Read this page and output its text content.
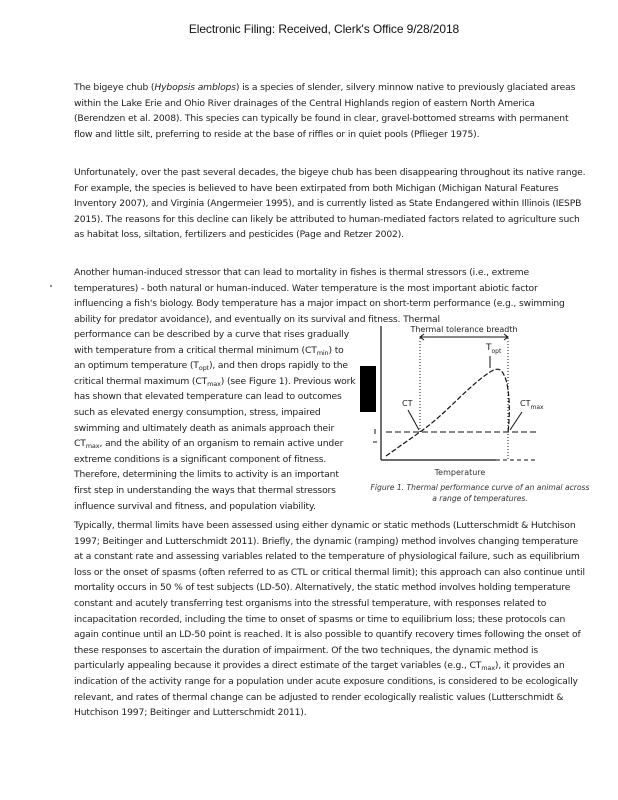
Electronic Filing: Received, Clerk's Office 9/28/2018

The bigeye chub (Hybopsis amblops) is a species of slender, silvery minnow native to previously glaciated areas within the Lake Erie and Ohio River drainages of the Central Highlands region of eastern North America (Berendzen et al. 2008). This species can typically be found in clear, gravel-bottomed streams with permanent flow and little silt, preferring to reside at the base of riffles or in quiet pools (Pflieger 1975).

Unfortunately, over the past several decades, the bigeye chub has been disappearing throughout its native range. For example, the species is believed to have been extirpated from both Michigan (Michigan Natural Features Inventory 2007), and Virginia (Angermeier 1995), and is currently listed as State Endangered within Illinois (IESPB 2015). The reasons for this decline can likely be attributed to human-mediated factors related to agriculture such as habitat loss, siltation, fertilizers and pesticides (Page and Retzer 2002).

Another human-induced stressor that can lead to mortality in fishes is thermal stressors (i.e., extreme temperatures) - both natural or human-induced. Water temperature is the most important abiotic factor influencing a fish's biology. Body temperature has a major impact on short-term performance (e.g., swimming ability for predator avoidance), and eventually on its survival and fitness. Thermal

performance can be described by a curve that rises gradually with temperature from a critical thermal minimum $(CT_{min})$ to an optimum temperature $(T_{opt})$, and then drops rapidly to the critical thermal maximum $(CT_{max})$ (see Figure 1). Previous work has shown that elevated temperature can lead to outcomes such as elevated energy consumption, stress, impaired swimming and ultimately death as animals approach their $CT_{max}$, and the ability of an organism to remain active under extreme conditions is a significant component of fitness. Therefore, determining the limits to activity is an important first step in understanding the ways that thermal stressors influence survival and fitness, and population viability.

Thermal tolerance breadth
$T_{opt}$
CT	$CT_{max}$
Temperature
Figure 1. Thermal performance curve of an animal across a range of temperatures.

Typically, thermal limits have been assessed using either dynamic or static methods (Lutterschmidt & Hutchison 1997; Beitinger and Lutterschmidt 2011). Briefly, the dynamic (ramping) method involves changing temperature at a constant rate and assessing variables related to the temperature of physiological failure, such as equilibrium loss or the onset of spasms (often referred to as CTL or critical thermal limit); this approach can also continue until mortality occurs in 50 % of test subjects (LD-50). Alternatively, the static method involves holding temperature constant and acutely transferring test organisms into the stressful temperature, with responses related to incapacitation recorded, including the time to onset of spasms or time to equilibrium loss; these protocols can again continue until an LD-50 point is reached. It is also possible to quantify recovery times following the onset of these responses to ascertain the duration of impairment. Of the two techniques, the dynamic method is particularly appealing because it provides a direct estimate of the target variables (e.g., $CT_{max}$), it provides an indication of the activity range for a population under acute exposure conditions, is considered to be ecologically relevant, and rates of thermal change can be adjusted to render ecologically realistic values (Lutterschmidt & Hutchison 1997; Beitinger and Lutterschmidt 2011).
